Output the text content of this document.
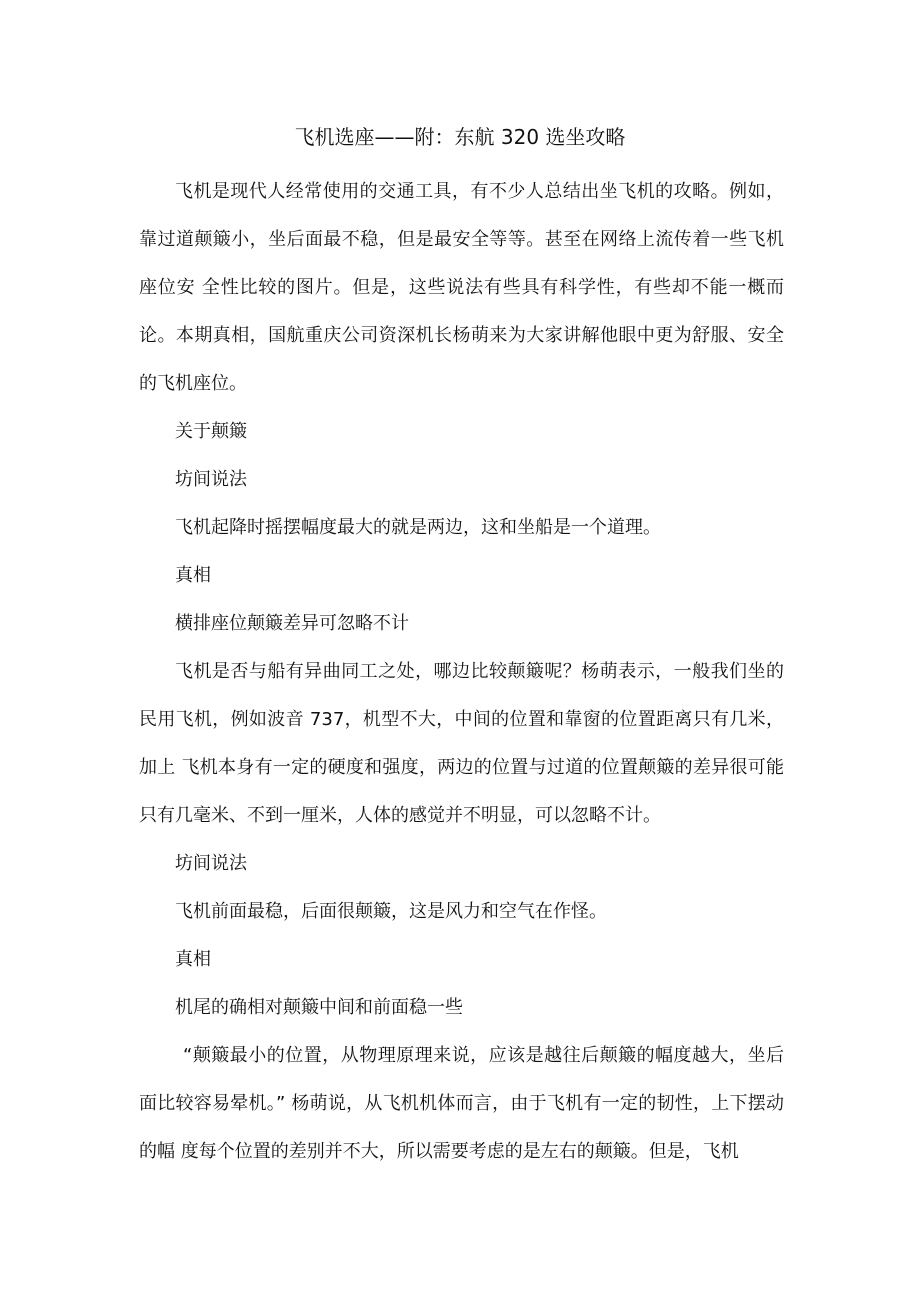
飞机选座——附：东航 320 选坐攻略

飞机是现代人经常使用的交通工具，有不少人总结出坐飞机的攻略。例如，靠过道颠簸小，坐后面最不稳，但是最安全等等。甚至在网络上流传着一些飞机座位安 全性比较的图片。但是，这些说法有些具有科学性，有些却不能一概而论。本期真相，国航重庆公司资深机长杨萌来为大家讲解他眼中更为舒服、安全的飞机座位。

关于颠簸

坊间说法

飞机起降时摇摆幅度最大的就是两边，这和坐船是一个道理。

真相

横排座位颠簸差异可忽略不计

飞机是否与船有异曲同工之处，哪边比较颠簸呢？杨萌表示，一般我们坐的民用飞机，例如波音 737，机型不大，中间的位置和靠窗的位置距离只有几米，加上 飞机本身有一定的硬度和强度，两边的位置与过道的位置颠簸的差异很可能只有几毫米、不到一厘米，人体的感觉并不明显，可以忽略不计。

坊间说法

飞机前面最稳，后面很颠簸，这是风力和空气在作怪。

真相

机尾的确相对颠簸中间和前面稳一些

“颠簸最小的位置，从物理原理来说，应该是越往后颠簸的幅度越大，坐后面比较容易晕机。” 杨萌说，从飞机机体而言，由于飞机有一定的韧性，上下摆动的幅 度每个位置的差别并不大，所以需要考虑的是左右的颠簸。但是，飞机
